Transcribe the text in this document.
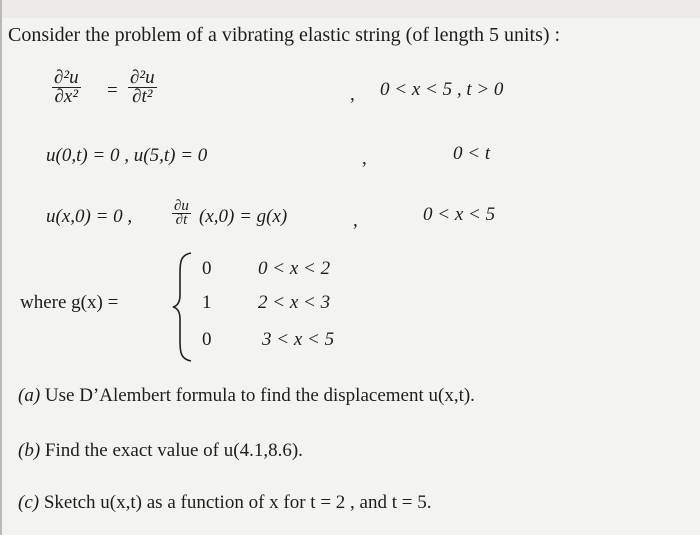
Consider the problem of a vibrating elastic string (of length 5 units) :
$\frac{\text{∂²u}}{\text{∂x²}} = \frac{\text{∂²u}}{\text{∂t²}}$	, 0 < x < 5 , t > 0
u(0,t) = 0 , u(5,t) = 0	,	0 < t
u(x,0) = 0 ,	$\frac{\partial u}{\partial t} (x,0) = g(x)$	,	0 < x < 5
where g(x) =
0 0 < x < 2
1 2 < x < 3
0	3 < x < 5
(a) Use D’Alembert formula to find the displacement u(x,t).
(b) Find the exact value of u(4.1,8.6).
(c) Sketch u(x,t) as a function of x for t = 2 , and t = 5.
